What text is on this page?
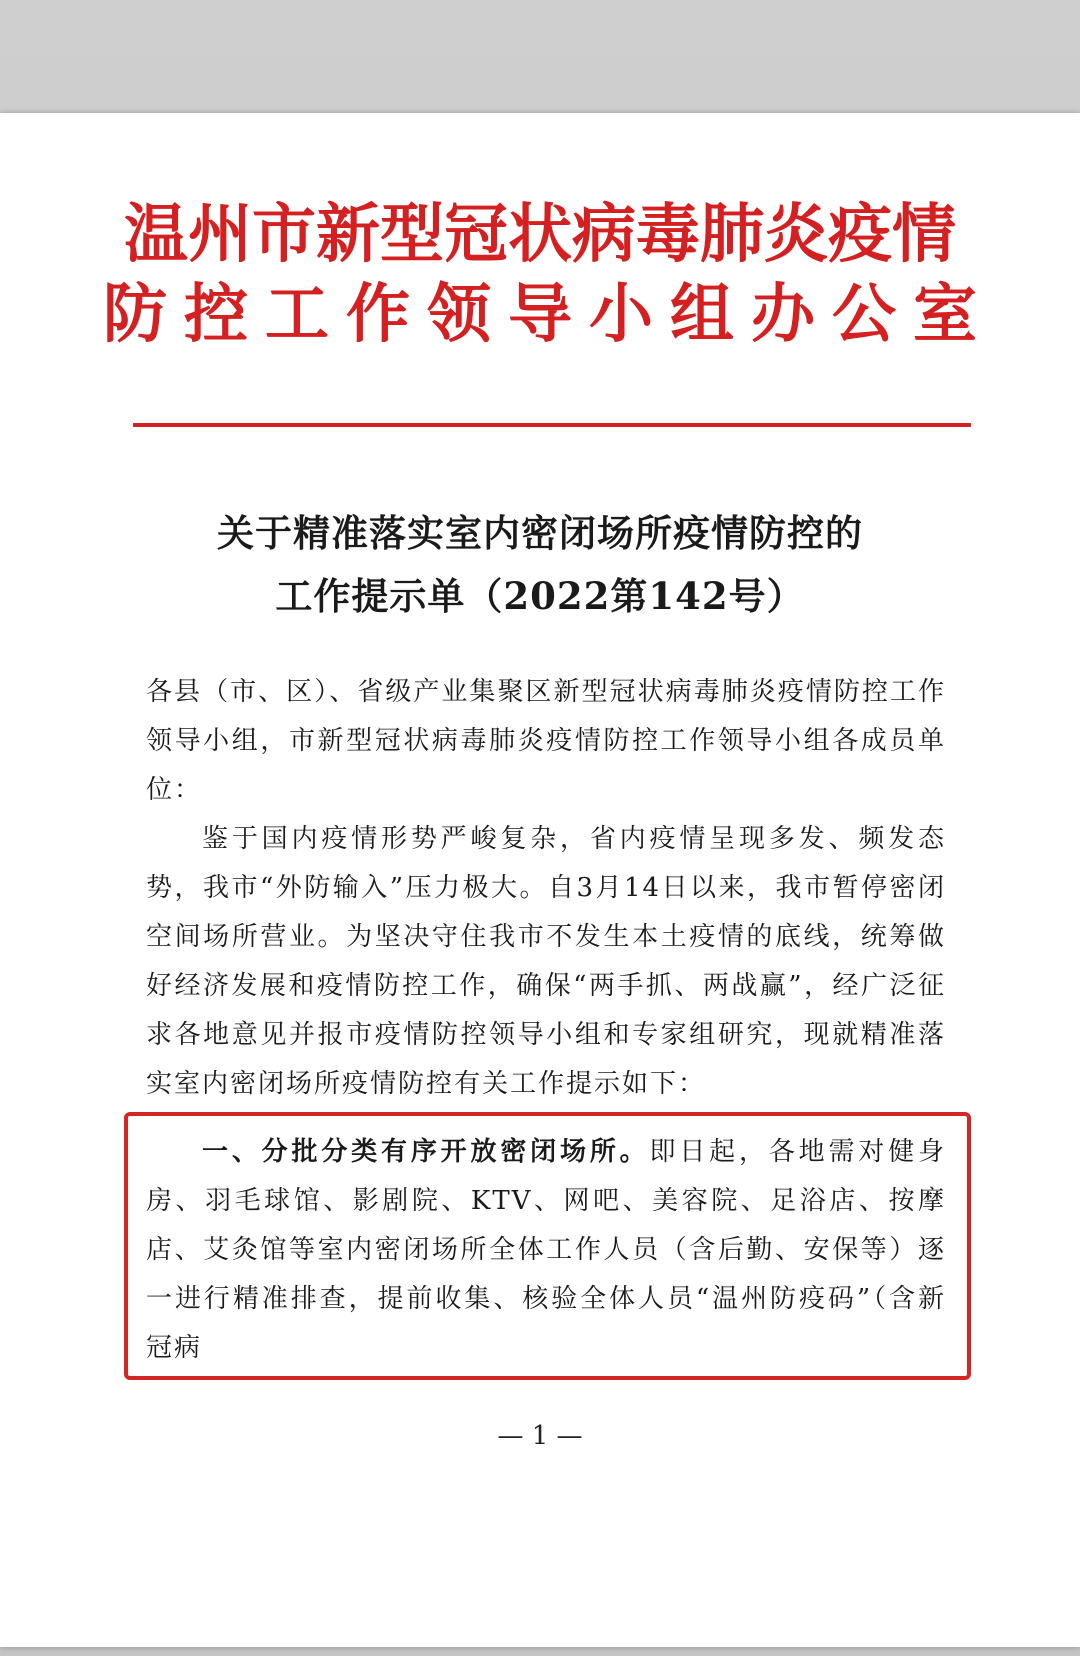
温州市新型冠状病毒肺炎疫情
防控工作领导小组办公室
关于精准落实室内密闭场所疫情防控的
工作提示单（2022第142号）

各县（市、区）、省级产业集聚区新型冠状病毒肺炎疫情防控工作领导小组，市新型冠状病毒肺炎疫情防控工作领导小组各成员单位：

鉴于国内疫情形势严峻复杂，省内疫情呈现多发、频发态势，我市“外防输入”压力极大。自3月14日以来，我市暂停密闭空间场所营业。为坚决守住我市不发生本土疫情的底线，统筹做好经济发展和疫情防控工作，确保“两手抓、两战赢”，经广泛征求各地意见并报市疫情防控领导小组和专家组研究，现就精准落实室内密闭场所疫情防控有关工作提示如下：

一、分批分类有序开放密闭场所。即日起，各地需对健身房、羽毛球馆、影剧院、KTV、网吧、美容院、足浴店、按摩店、艾灸馆等室内密闭场所全体工作人员（含后勤、安保等）逐一进行精准排查，提前收集、核验全体人员“温州防疫码”（含新冠病
— 1 —
